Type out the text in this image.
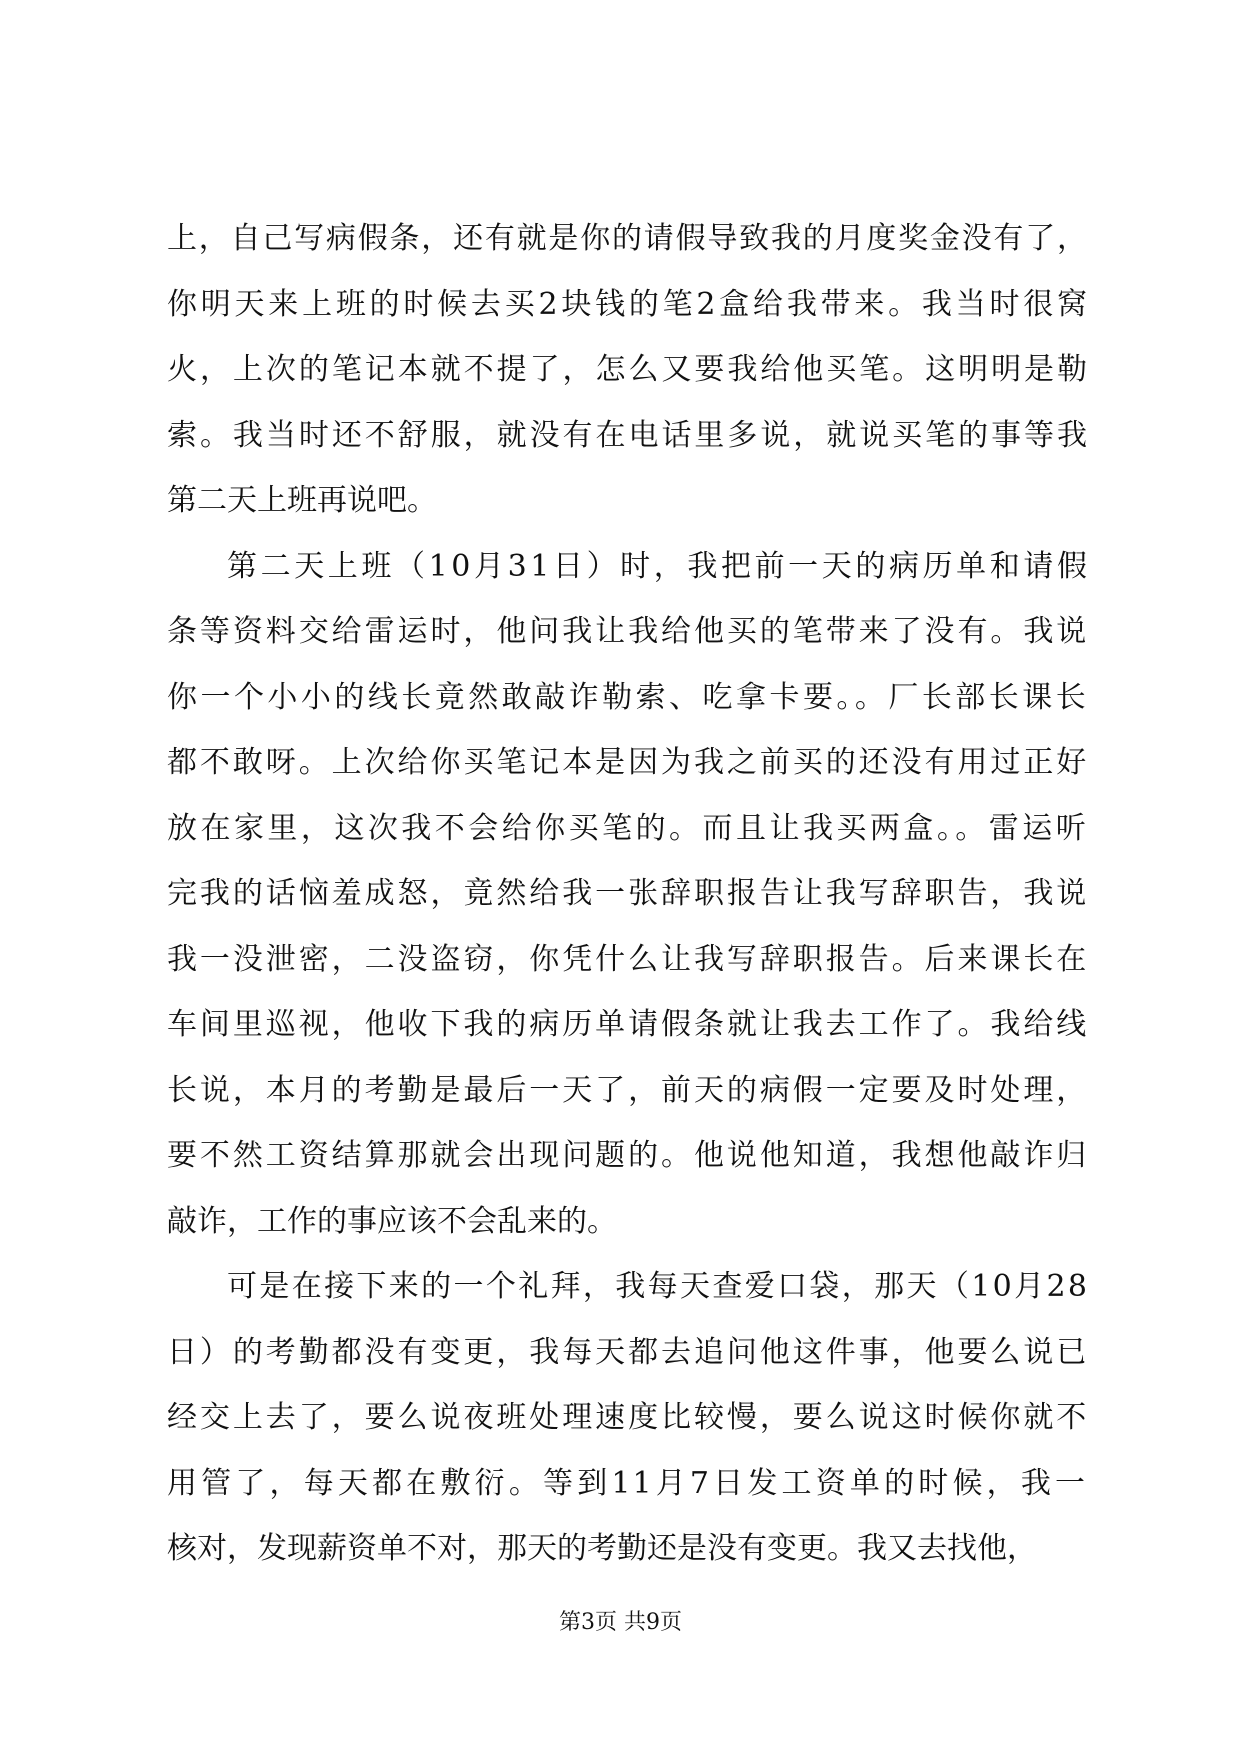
上，自己写病假条，还有就是你的请假导致我的月度奖金没有了，
你明天来上班的时候去买2块钱的笔2盒给我带来。我当时很窝
火，上次的笔记本就不提了，怎么又要我给他买笔。这明明是勒
索。我当时还不舒服，就没有在电话里多说，就说买笔的事等我
第二天上班再说吧。
第二天上班（10月31日）时，我把前一天的病历单和请假
条等资料交给雷运时，他问我让我给他买的笔带来了没有。我说
你一个小小的线长竟然敢敲诈勒索、吃拿卡要。。厂长部长课长
都不敢呀。上次给你买笔记本是因为我之前买的还没有用过正好
放在家里，这次我不会给你买笔的。而且让我买两盒。。雷运听
完我的话恼羞成怒，竟然给我一张辞职报告让我写辞职告，我说
我一没泄密，二没盗窃，你凭什么让我写辞职报告。后来课长在
车间里巡视，他收下我的病历单请假条就让我去工作了。我给线
长说，本月的考勤是最后一天了，前天的病假一定要及时处理，
要不然工资结算那就会出现问题的。他说他知道，我想他敲诈归
敲诈，工作的事应该不会乱来的。
可是在接下来的一个礼拜，我每天查爱口袋，那天（10月28
日）的考勤都没有变更，我每天都去追问他这件事，他要么说已
经交上去了，要么说夜班处理速度比较慢，要么说这时候你就不
用管了，每天都在敷衍。等到11月7日发工资单的时候，我一
核对，发现薪资单不对，那天的考勤还是没有变更。我又去找他，
第3页 共9页
